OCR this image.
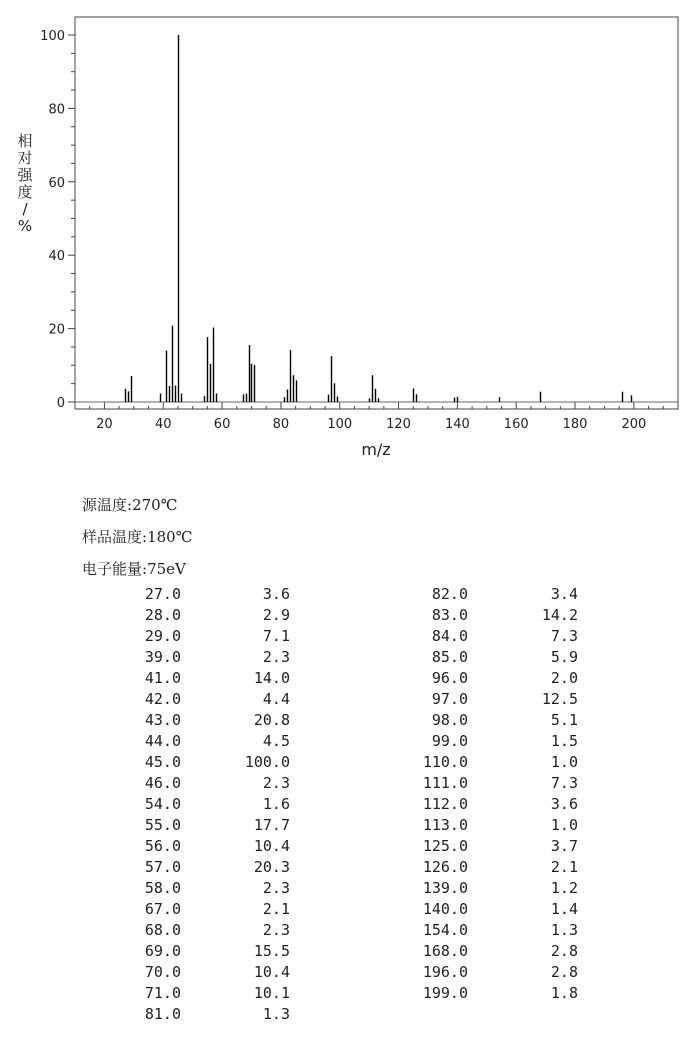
0
20
40
60
80
100
20	40	60	80	100	120	140	160	180	200
m/z
相对强度/ %
源温度:270℃
样品温度:180℃
电子能量:75eV
27.0	3.6
28.0	2.9
29.0	7.1
39.0	2.3
41.0	14.0
42.0	4.4
43.0	20.8
44.0	4.5
45.0	100.0
46.0	2.3
54.0	1.6
55.0	17.7
56.0	10.4
57.0	20.3
58.0	2.3
67.0	2.1
68.0	2.3
69.0	15.5
70.0	10.4
71.0	10.1
81.0	1.3
82.0	3.4
83.0	14.2
84.0	7.3
85.0	5.9
96.0	2.0
97.0	12.5
98.0	5.1
99.0	1.5
110.0	1.0
111.0	7.3
112.0	3.6
113.0	1.0
125.0	3.7
126.0	2.1
139.0	1.2
140.0	1.4
154.0	1.3
168.0	2.8
196.0	2.8
199.0	1.8
